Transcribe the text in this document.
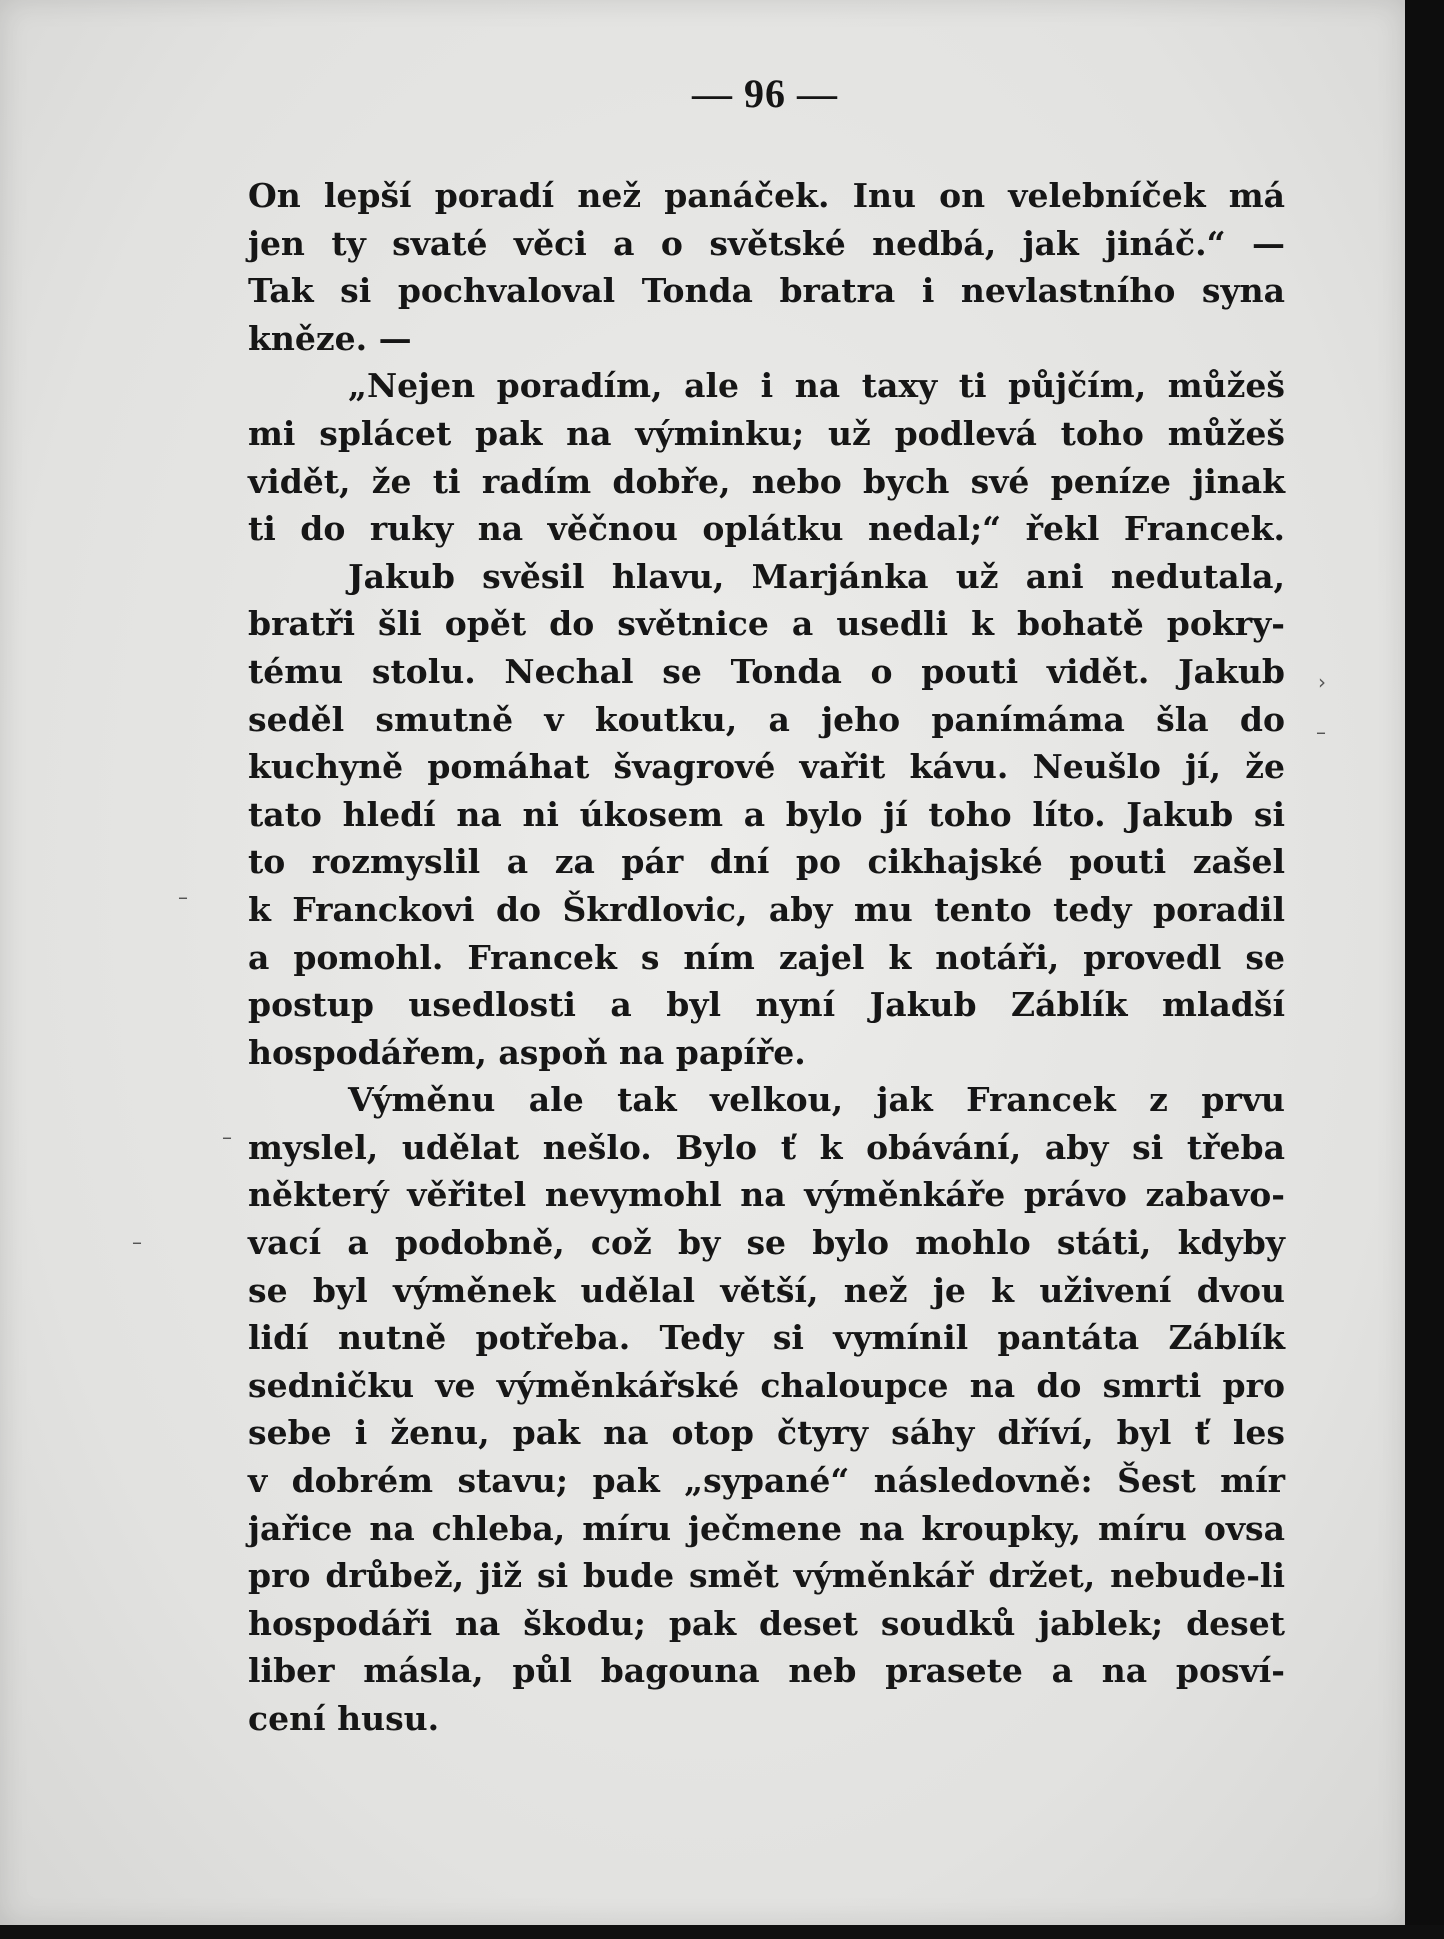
— 96 —
On lepší poradí než panáček. Inu on velebníček má
jen ty svaté věci a o světské nedbá, jak jináč.“ —
Tak si pochvaloval Tonda bratra i nevlastního syna
kněze. —
„Nejen poradím, ale i na taxy ti půjčím, můžeš
mi splácet pak na výminku; už podlevá toho můžeš
vidět, že ti radím dobře, nebo bych své peníze jinak
ti do ruky na věčnou oplátku nedal;“ řekl Francek.
Jakub svěsil hlavu, Marjánka už ani nedutala,
bratři šli opět do světnice a usedli k bohatě pokry-
tému stolu. Nechal se Tonda o pouti vidět. Jakub
seděl smutně v koutku, a jeho panímáma šla do
kuchyně pomáhat švagrové vařit kávu. Neušlo jí, že
tato hledí na ni úkosem a bylo jí toho líto. Jakub si
to rozmyslil a za pár dní po cikhajské pouti zašel
k Franckovi do Škrdlovic, aby mu tento tedy poradil
a pomohl. Francek s ním zajel k notáři, provedl se
postup usedlosti a byl nyní Jakub Záblík mladší
hospodářem, aspoň na papíře.
Výměnu ale tak velkou, jak Francek z prvu
myslel, udělat nešlo. Bylo ť k obávání, aby si třeba
některý věřitel nevymohl na výměnkáře právo zabavo-
vací a podobně, což by se bylo mohlo státi, kdyby
se byl výměnek udělal větší, než je k uživení dvou
lidí nutně potřeba. Tedy si vymínil pantáta Záblík
sedničku ve výměnkářské chaloupce na do smrti pro
sebe i ženu, pak na otop čtyry sáhy dříví, byl ť les
v dobrém stavu; pak „sypané“ následovně: Šest mír
jařice na chleba, míru ječmene na kroupky, míru ovsa
pro drůbež, již si bude smět výměnkář držet, nebude-li
hospodáři na škodu; pak deset soudků jablek; deset
liber másla, půl bagouna neb prasete a na posví-
cení husu.
›
–
–
–
–
